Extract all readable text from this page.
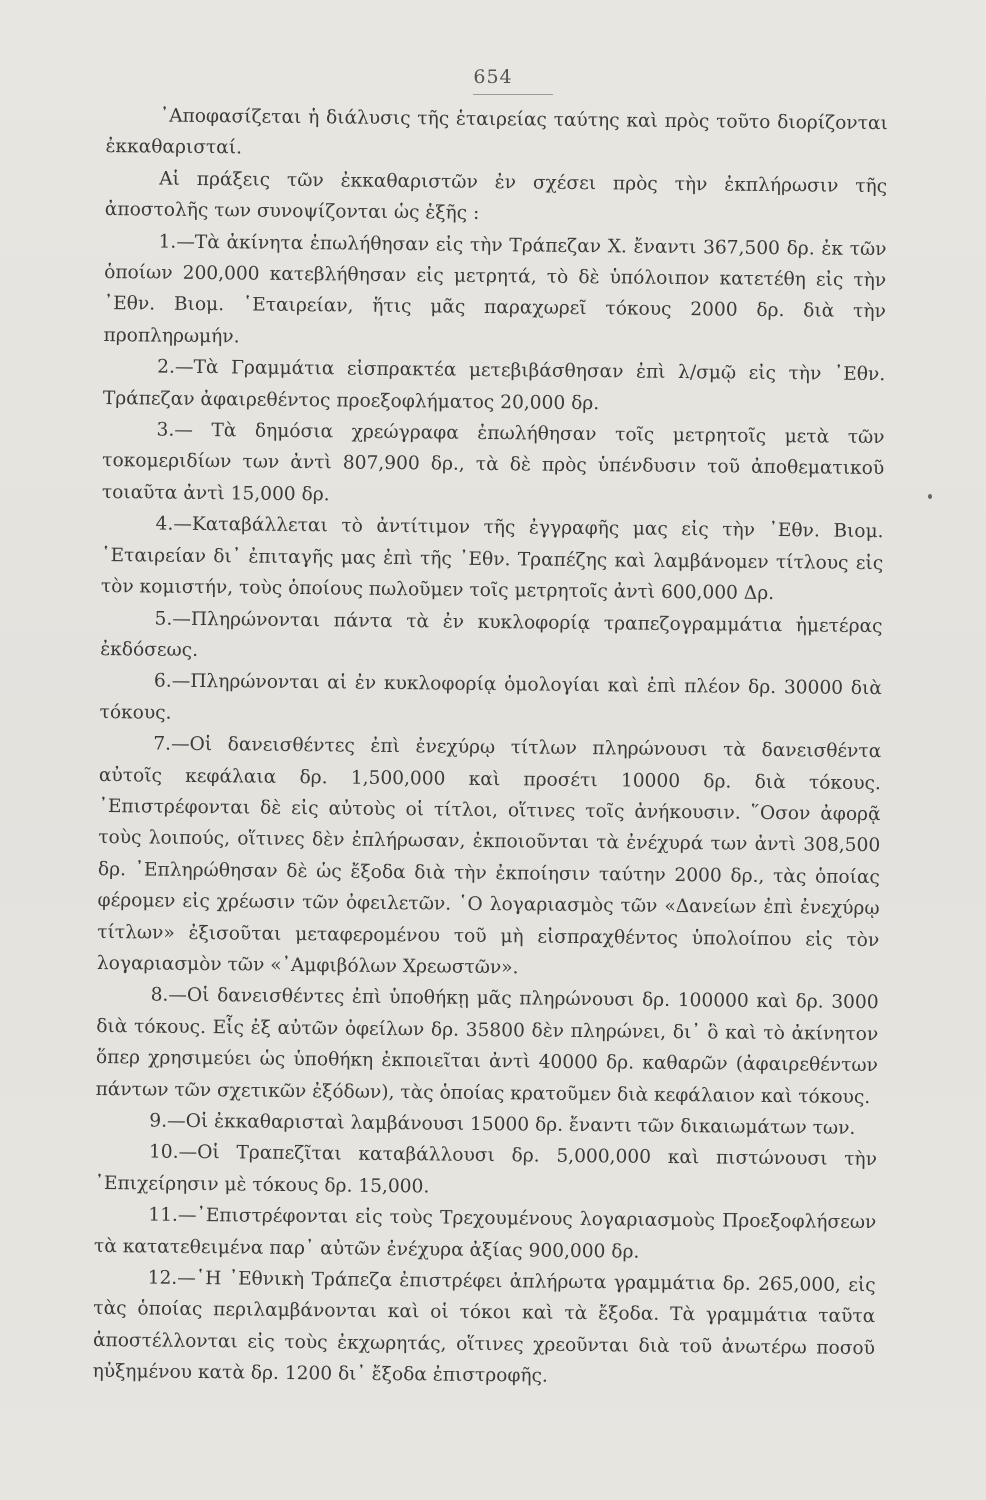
654

᾿Αποφασίζεται ἡ διάλυσις τῆς ἑταιρείας ταύτης καὶ πρὸς τοῦτο διορίζονται ἐκκαθαρισταί.

Αἱ πράξεις τῶν ἐκκαθαριστῶν ἐν σχέσει πρὸς τὴν ἐκπλήρωσιν τῆς ἀποστολῆς των συνοψίζονται ὡς ἑξῆς :

1.—Τὰ ἀκίνητα ἐπωλήθησαν εἰς τὴν Τράπεζαν Χ. ἔναντι 367,500 δρ. ἐκ τῶν ὁποίων 200,000 κατεβλήθησαν εἰς μετρητά, τὸ δὲ ὑπόλοιπον κατετέθη εἰς τὴν ᾿Εθν. Βιομ. ῾Εταιρείαν, ἥτις μᾶς παραχωρεῖ τόκους 2000 δρ. διὰ τὴν προπληρωμήν.

2.—Τὰ Γραμμάτια εἰσπρακτέα μετεβιβάσθησαν ἐπὶ λ/σμῷ εἰς τὴν ᾿Εθν. Τράπεζαν ἀφαιρεθέντος προεξοφλήματος 20,000 δρ.

3.— Τὰ δημόσια χρεώγραφα ἐπωλήθησαν τοῖς μετρητοῖς μετὰ τῶν τοκομεριδίων των ἀντὶ 807,900 δρ., τὰ δὲ πρὸς ὑπένδυσιν τοῦ ἀποθεματικοῦ τοιαῦτα ἀντὶ 15,000 δρ.

4.—Καταβάλλεται τὸ ἀντίτιμον τῆς ἐγγραφῆς μας εἰς τὴν ᾿Εθν. Βιομ. ῾Εταιρείαν δι᾿ ἐπιταγῆς μας ἐπὶ τῆς ᾿Εθν. Τραπέζης καὶ λαμβάνομεν τίτλους εἰς τὸν κομιστήν, τοὺς ὁποίους πωλοῦμεν τοῖς μετρητοῖς ἀντὶ 600,000 Δρ.

5.—Πληρώνονται πάντα τὰ ἐν κυκλοφορίᾳ τραπεζογραμμάτια ἡμετέρας ἐκδόσεως.

6.—Πληρώνονται αἱ ἐν κυκλοφορίᾳ ὁμολογίαι καὶ ἐπὶ πλέον δρ. 30000 διὰ τόκους.

7.—Οἱ δανεισθέντες ἐπὶ ἐνεχύρῳ τίτλων πληρώνουσι τὰ δανεισθέντα αὐτοῖς κεφάλαια δρ. 1,500,000 καὶ προσέτι 10000 δρ. διὰ τόκους. ᾿Επιστρέφονται δὲ εἰς αὐτοὺς οἱ τίτλοι, οἵτινες τοῖς ἀνήκουσιν. ῞Οσον ἀφορᾷ τοὺς λοιπούς, οἵτινες δὲν ἐπλήρωσαν, ἐκποιοῦνται τὰ ἐνέχυρά των ἀντὶ 308,500 δρ. ᾿Επληρώθησαν δὲ ὡς ἔξοδα διὰ τὴν ἐκποίησιν ταύτην 2000 δρ., τὰς ὁποίας φέρομεν εἰς χρέωσιν τῶν ὀφειλετῶν. ῾Ο λογαριασμὸς τῶν «Δανείων ἐπὶ ἐνεχύρῳ τίτλων» ἐξισοῦται μεταφερομένου τοῦ μὴ εἰσπραχθέντος ὑπολοίπου εἰς τὸν λογαριασμὸν τῶν «᾿Αμφιβόλων Χρεωστῶν».

8.—Οἱ δανεισθέντες ἐπὶ ὑποθήκῃ μᾶς πληρώνουσι δρ. 100000 καὶ δρ. 3000 διὰ τόκους. Εἷς ἐξ αὐτῶν ὀφείλων δρ. 35800 δὲν πληρώνει, δι᾿ ὃ καὶ τὸ ἀκίνητον ὅπερ χρησιμεύει ὡς ὑποθήκη ἐκποιεῖται ἀντὶ 40000 δρ. καθαρῶν (ἀφαιρεθέντων πάντων τῶν σχετικῶν ἐξόδων), τὰς ὁποίας κρατοῦμεν διὰ κεφάλαιον καὶ τόκους.

9.—Οἱ ἐκκαθαρισταὶ λαμβάνουσι 15000 δρ. ἔναντι τῶν δικαιωμάτων των.

10.—Οἱ Τραπεζῖται καταβάλλουσι δρ. 5,000,000 καὶ πιστώνουσι τὴν ᾿Επιχείρησιν μὲ τόκους δρ. 15,000.

11.—᾿Επιστρέφονται εἰς τοὺς Τρεχουμένους λογαριασμοὺς Προεξοφλήσεων τὰ κατατεθειμένα παρ᾿ αὐτῶν ἐνέχυρα ἀξίας 900,000 δρ.

12.—῾Η ᾿Εθνικὴ Τράπεζα ἐπιστρέφει ἀπλήρωτα γραμμάτια δρ. 265,000, εἰς τὰς ὁποίας περιλαμβάνονται καὶ οἱ τόκοι καὶ τὰ ἔξοδα. Τὰ γραμμάτια ταῦτα ἀποστέλλονται εἰς τοὺς ἐκχωρητάς, οἵτινες χρεοῦνται διὰ τοῦ ἀνωτέρω ποσοῦ ηὐξημένου κατὰ δρ. 1200 δι᾿ ἔξοδα ἐπιστροφῆς.
